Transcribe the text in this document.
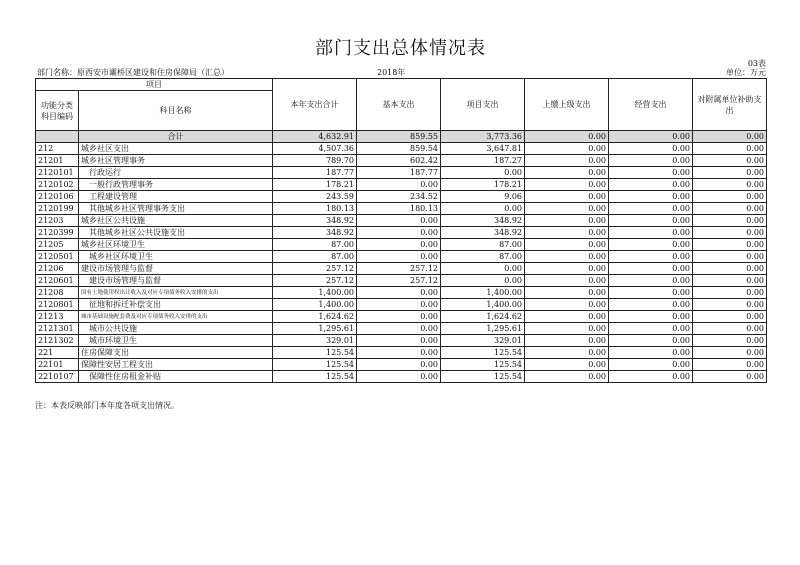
部门支出总体情况表
03表
部门名称：原西安市灞桥区建设和住房保障局（汇总）	2018年	单位：万元
项目		本年支出合计	基本支出	项目支出	上缴上级支出	经营支出	对附属单位补助支出
功能分类科目编码	科目名称						
	合计	4,632.91	859.55	3,773.36	0.00	0.00	0.00
212	城乡社区支出	4,507.36	859.54	3,647.81	0.00	0.00	0.00
21201	城乡社区管理事务	789.70	602.42	187.27	0.00	0.00	0.00
2120101	　行政运行	187.77	187.77	0.00	0.00	0.00	0.00
2120102	　一般行政管理事务	178.21	0.00	178.21	0.00	0.00	0.00
2120106	　工程建设管理	243.59	234.52	9.06	0.00	0.00	0.00
2120199	　其他城乡社区管理事务支出	180.13	180.13	0.00	0.00	0.00	0.00
21203	城乡社区公共设施	348.92	0.00	348.92	0.00	0.00	0.00
2120399	　其他城乡社区公共设施支出	348.92	0.00	348.92	0.00	0.00	0.00
21205	城乡社区环境卫生	87.00	0.00	87.00	0.00	0.00	0.00
2120501	　城乡社区环境卫生	87.00	0.00	87.00	0.00	0.00	0.00
21206	建设市场管理与监督	257.12	257.12	0.00	0.00	0.00	0.00
2120601	　建设市场管理与监督	257.12	257.12	0.00	0.00	0.00	0.00
21208	国有土地使用权出让收入及对应专项债务收入安排的支出	1,400.00	0.00	1,400.00	0.00	0.00	0.00
2120801	　征地和拆迁补偿支出	1,400.00	0.00	1,400.00	0.00	0.00	0.00
21213	城市基础设施配套费及对应专项债务收入安排的支出	1,624.62	0.00	1,624.62	0.00	0.00	0.00
2121301	　城市公共设施	1,295.61	0.00	1,295.61	0.00	0.00	0.00
2121302	　城市环境卫生	329.01	0.00	329.01	0.00	0.00	0.00
221	住房保障支出	125.54	0.00	125.54	0.00	0.00	0.00
22101	保障性安居工程支出	125.54	0.00	125.54	0.00	0.00	0.00
2210107	　保障性住房租金补贴	125.54	0.00	125.54	0.00	0.00	0.00
注：本表反映部门本年度各项支出情况。
